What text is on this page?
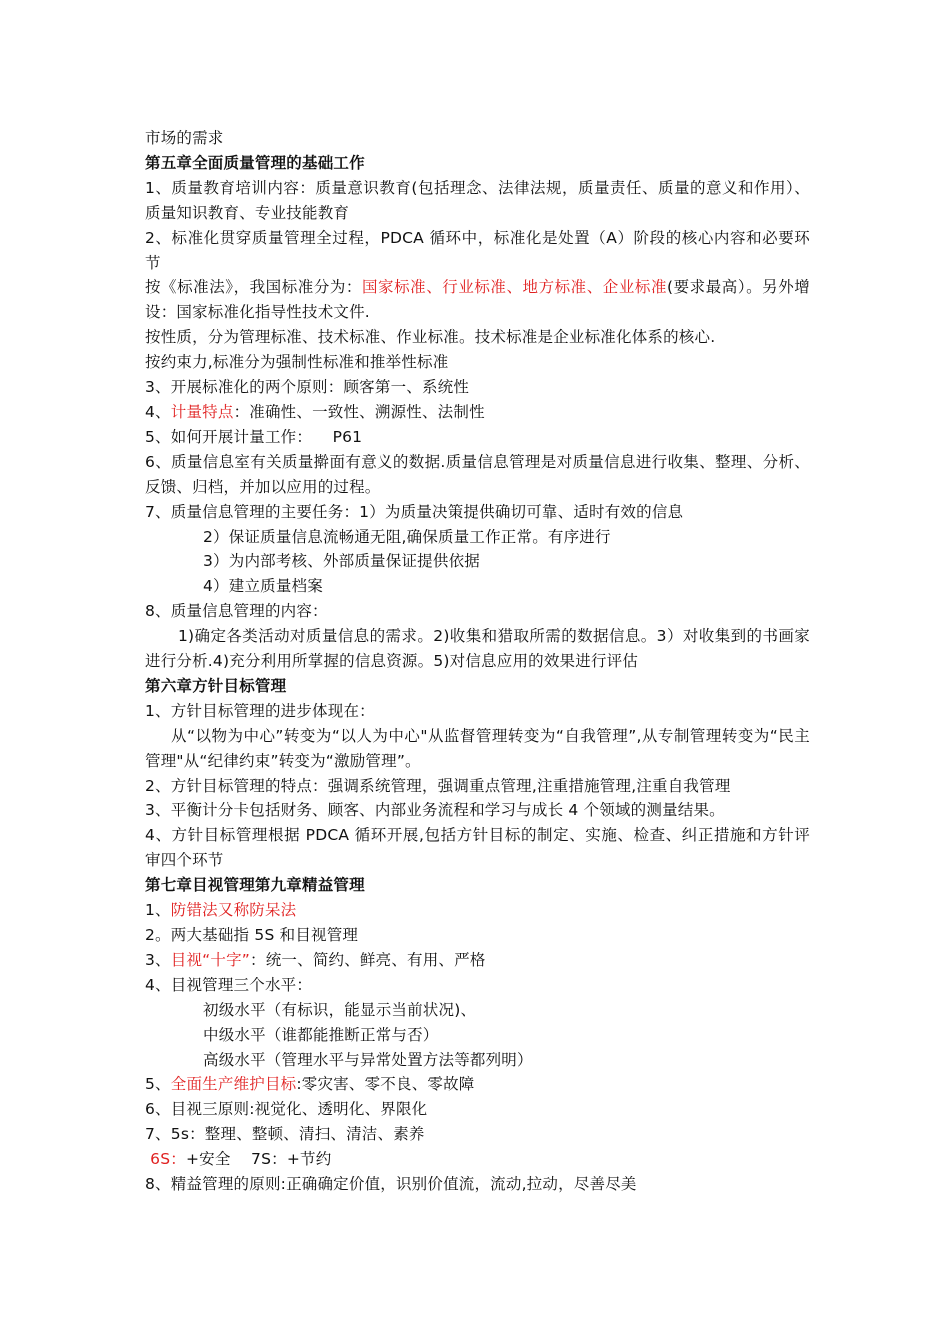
市场的需求
第五章全面质量管理的基础工作
1、质量教育培训内容：质量意识教育(包括理念、法律法规，质量责任、质量的意义和作用）、质量知识教育、专业技能教育
2、标准化贯穿质量管理全过程，PDCA 循环中，标准化是处置（A）阶段的核心内容和必要环节
按《标准法》，我国标准分为：国家标准、行业标准、地方标准、企业标准(要求最高）。另外增设：国家标准化指导性技术文件.
按性质，分为管理标准、技术标准、作业标准。技术标准是企业标准化体系的核心.
按约束力,标准分为强制性标准和推举性标准
3、开展标准化的两个原则：顾客第一、系统性
4、计量特点：准确性、一致性、溯源性、法制性
5、如何开展计量工作：    P61
6、质量信息室有关质量擀面有意义的数据.质量信息管理是对质量信息进行收集、整理、分析、反馈、归档，并加以应用的过程。
7、质量信息管理的主要任务：1）为质量决策提供确切可靠、适时有效的信息
2）保证质量信息流畅通无阻,确保质量工作正常。有序进行
3）为内部考核、外部质量保证提供依据
4）建立质量档案
8、质量信息管理的内容：
1)确定各类活动对质量信息的需求。2)收集和猎取所需的数据信息。3）对收集到的书画家进行分析.4)充分利用所掌握的信息资源。5)对信息应用的效果进行评估
第六章方针目标管理
1、方针目标管理的进步体现在：
从“以物为中心”转变为“以人为中心"从监督管理转变为“自我管理”,从专制管理转变为“民主管理"从“纪律约束”转变为“激励管理”。
2、方针目标管理的特点：强调系统管理，强调重点管理,注重措施管理,注重自我管理
3、平衡计分卡包括财务、顾客、内部业务流程和学习与成长 4 个领域的测量结果。
4、方针目标管理根据 PDCA 循环开展,包括方针目标的制定、实施、检查、纠正措施和方针评审四个环节
第七章目视管理第九章精益管理
1、防错法又称防呆法
2。两大基础指 5S 和目视管理
3、目视“十字”：统一、简约、鲜亮、有用、严格
4、目视管理三个水平：
初级水平（有标识，能显示当前状况)、
中级水平（谁都能推断正常与否）
高级水平（管理水平与异常处置方法等都列明）
5、全面生产维护目标:零灾害、零不良、零故障
6、目视三原则:视觉化、透明化、界限化
7、5s：整理、整顿、清扫、清洁、素养
6S：+安全    7S：+节约
8、精益管理的原则:正确确定价值，识别价值流，流动,拉动，尽善尽美
